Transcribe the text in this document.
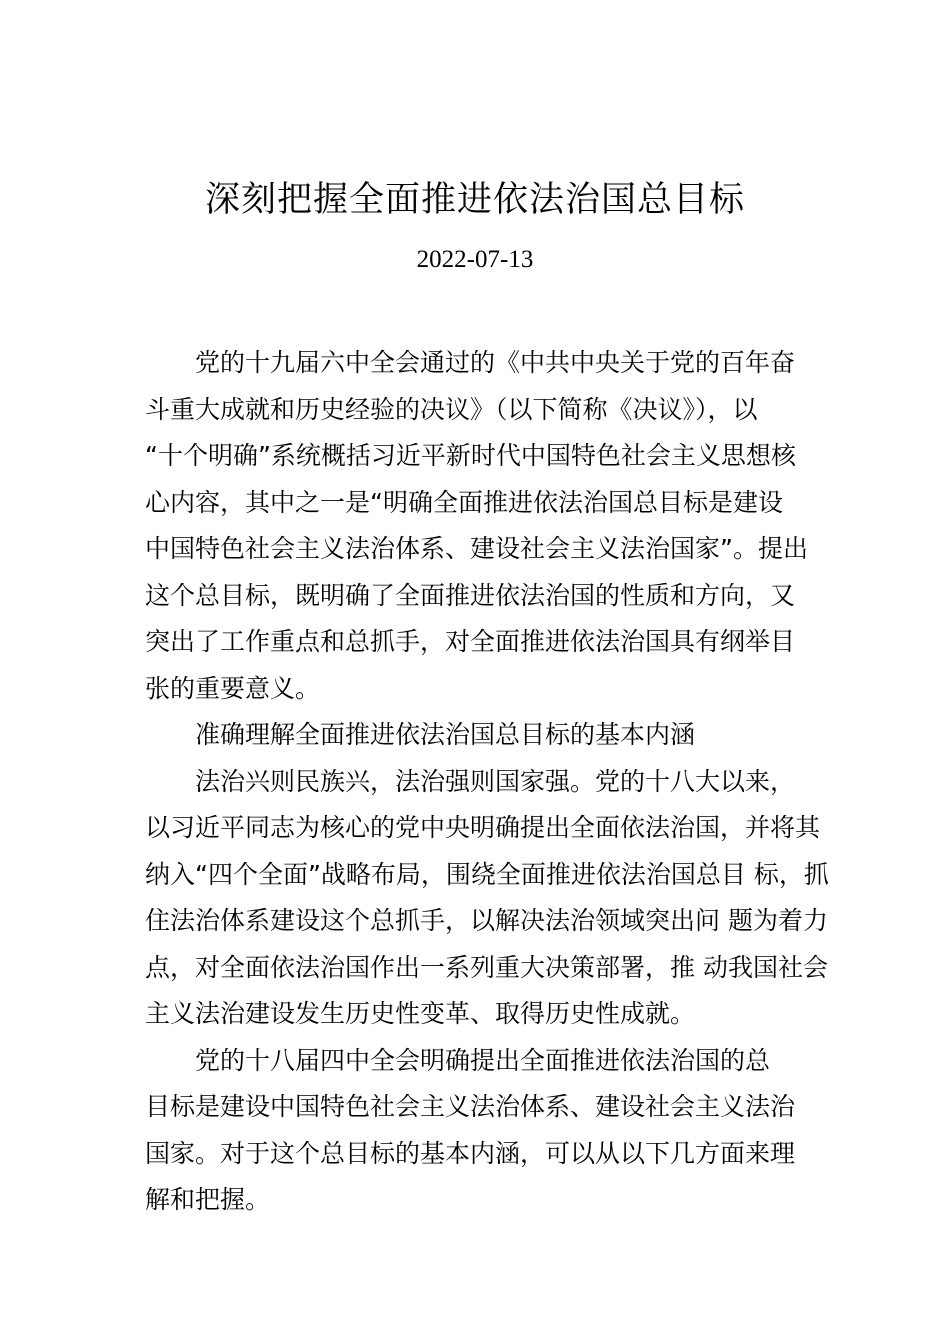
深刻把握全面推进依法治国总目标
2022-07-13
党的十九届六中全会通过的《中共中央关于党的百年奋
斗重大成就和历史经验的决议》（以下简称《决议》），以
“十个明确”系统概括习近平新时代中国特色社会主义思想核
心内容，其中之一是“明确全面推进依法治国总目标是建设
中国特色社会主义法治体系、建设社会主义法治国家”。提出
这个总目标，既明确了全面推进依法治国的性质和方向，又
突出了工作重点和总抓手，对全面推进依法治国具有纲举目
张的重要意义。
准确理解全面推进依法治国总目标的基本内涵
法治兴则民族兴，法治强则国家强。党的十八大以来，
以习近平同志为核心的党中央明确提出全面依法治国，并将其
纳入“四个全面”战略布局，围绕全面推进依法治国总目 标，抓
住法治体系建设这个总抓手，以解决法治领域突出问 题为着力
点，对全面依法治国作出一系列重大决策部署，推 动我国社会
主义法治建设发生历史性变革、取得历史性成就。
党的十八届四中全会明确提出全面推进依法治国的总
目标是建设中国特色社会主义法治体系、建设社会主义法治
国家。对于这个总目标的基本内涵，可以从以下几方面来理
解和把握。
